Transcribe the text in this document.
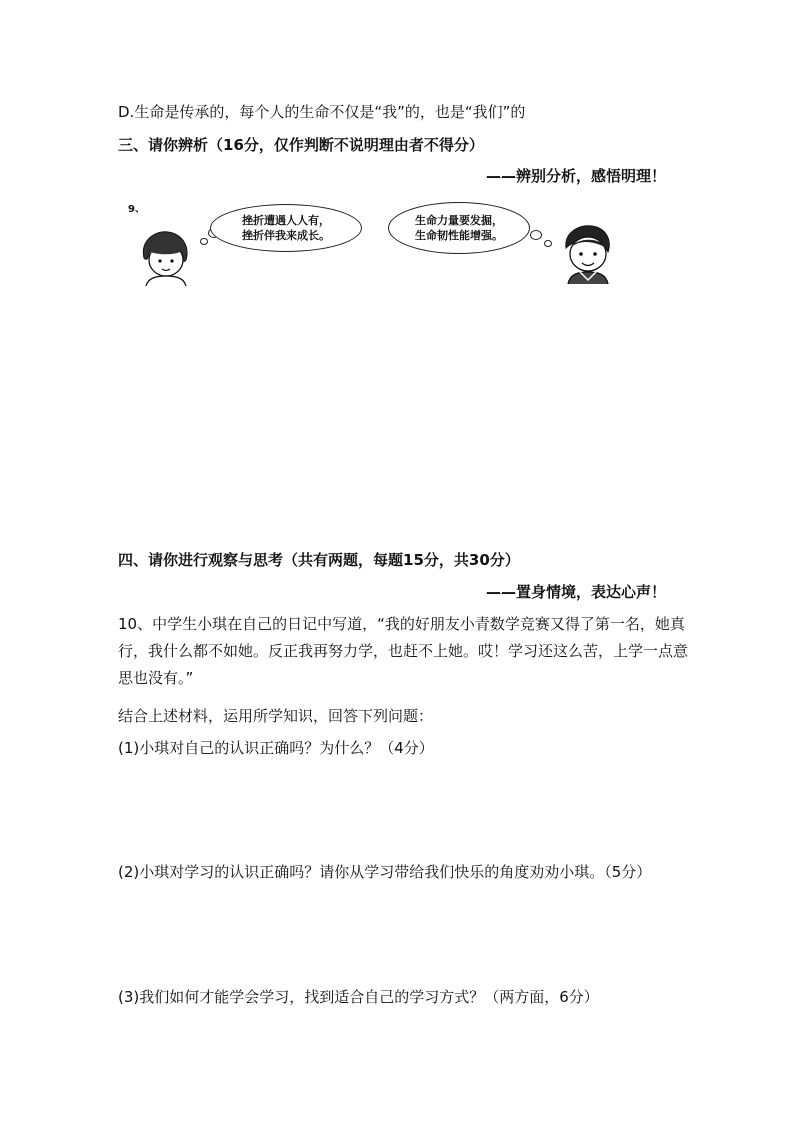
D.生命是传承的，每个人的生命不仅是“我”的，也是“我们”的
三、请你辨析（16分，仅作判断不说明理由者不得分）
——辨别分析，感悟明理！
9、
挫折遭遇人人有，
挫折伴我来成长。
生命力量要发掘，
生命韧性能增强。
四、请你进行观察与思考（共有两题，每题15分，共30分）
——置身情境，表达心声！
10、中学生小琪在自己的日记中写道，“我的好朋友小青数学竞赛又得了第一名，她真行，我什么都不如她。反正我再努力学，也赶不上她。哎！学习还这么苦，上学一点意思也没有。”
结合上述材料，运用所学知识，回答下列问题：
(1)小琪对自己的认识正确吗？为什么？（4分）
(2)小琪对学习的认识正确吗？请你从学习带给我们快乐的角度劝劝小琪。（5分）
(3)我们如何才能学会学习，找到适合自己的学习方式？（两方面，6分）
